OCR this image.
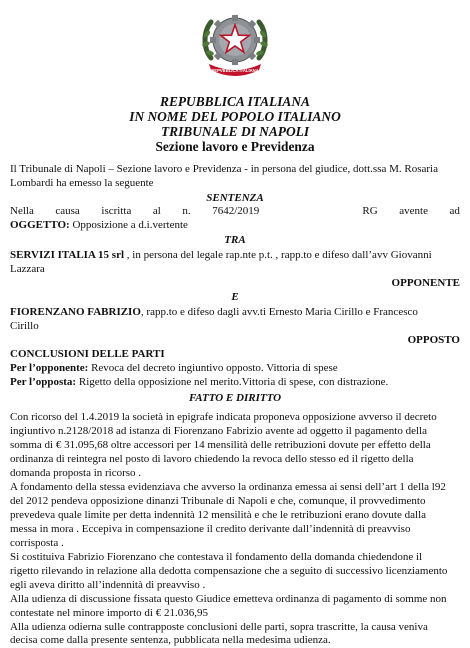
REPVBBLICA ITALIANA
REPUBBLICA ITALIANA
IN NOME DEL POPOLO ITALIANO
TRIBUNALE DI NAPOLI
Sezione lavoro e Previdenza
Il Tribunale di Napoli – Sezione lavoro e Previdenza - in persona del giudice, dott.ssa M. Rosaria
Lombardi ha emesso la seguente
SENTENZA
Nella causa iscritta al n. 7642/2019	RG avente ad
OGGETTO: Opposizione a d.i.vertente
TRA
SERVIZI ITALIA 15 srl , in persona del legale rap.nte p.t. , rapp.to e difeso dall’avv Giovanni
Lazzara
OPPONENTE
E
FIORENZANO FABRIZIO, rapp.to e difeso dagli avv.ti Ernesto Maria Cirillo e Francesco
Cirillo
OPPOSTO
CONCLUSIONI DELLE PARTI
Per l’opponente: Revoca del decreto ingiuntivo opposto. Vittoria di spese
Per l’opposta: Rigetto della opposizione nel merito.Vittoria di spese, con distrazione.
FATTO E DIRITTO
Con ricorso del 1.4.2019 la società in epigrafe indicata proponeva opposizione avverso il decreto
ingiuntivo n.2128/2018 ad istanza di Fiorenzano Fabrizio avente ad oggetto il pagamento della
somma di € 31.095,68 oltre accessori per 14 mensilità delle retribuzioni dovute per effetto della
ordinanza di reintegra nel posto di lavoro chiedendo la revoca dello stesso ed il rigetto della
domanda proposta in ricorso .
A fondamento della stessa evidenziava che avverso la ordinanza emessa ai sensi dell’art 1 della l92
del 2012 pendeva opposizione dinanzi Tribunale di Napoli e che, comunque, il provvedimento
prevedeva quale limite per detta indennità 12 mensilità e che le retribuzioni erano dovute dalla
messa in mora . Eccepiva in compensazione il credito derivante dall’indennità di preavviso
corrisposta .
Si costituiva Fabrizio Fiorenzano che contestava il fondamento della domanda chiedendone il
rigetto rilevando in relazione alla dedotta compensazione che a seguito di successivo licenziamento
egli aveva diritto all’indennità di preavviso .
Alla udienza di discussione fissata questo Giudice emetteva ordinanza di pagamento di somme non
contestate nel minore importo di € 21.036,95
Alla udienza odierna sulle contrapposte conclusioni delle parti, sopra trascritte, la causa veniva
decisa come dalla presente sentenza, pubblicata nella medesima udienza.
